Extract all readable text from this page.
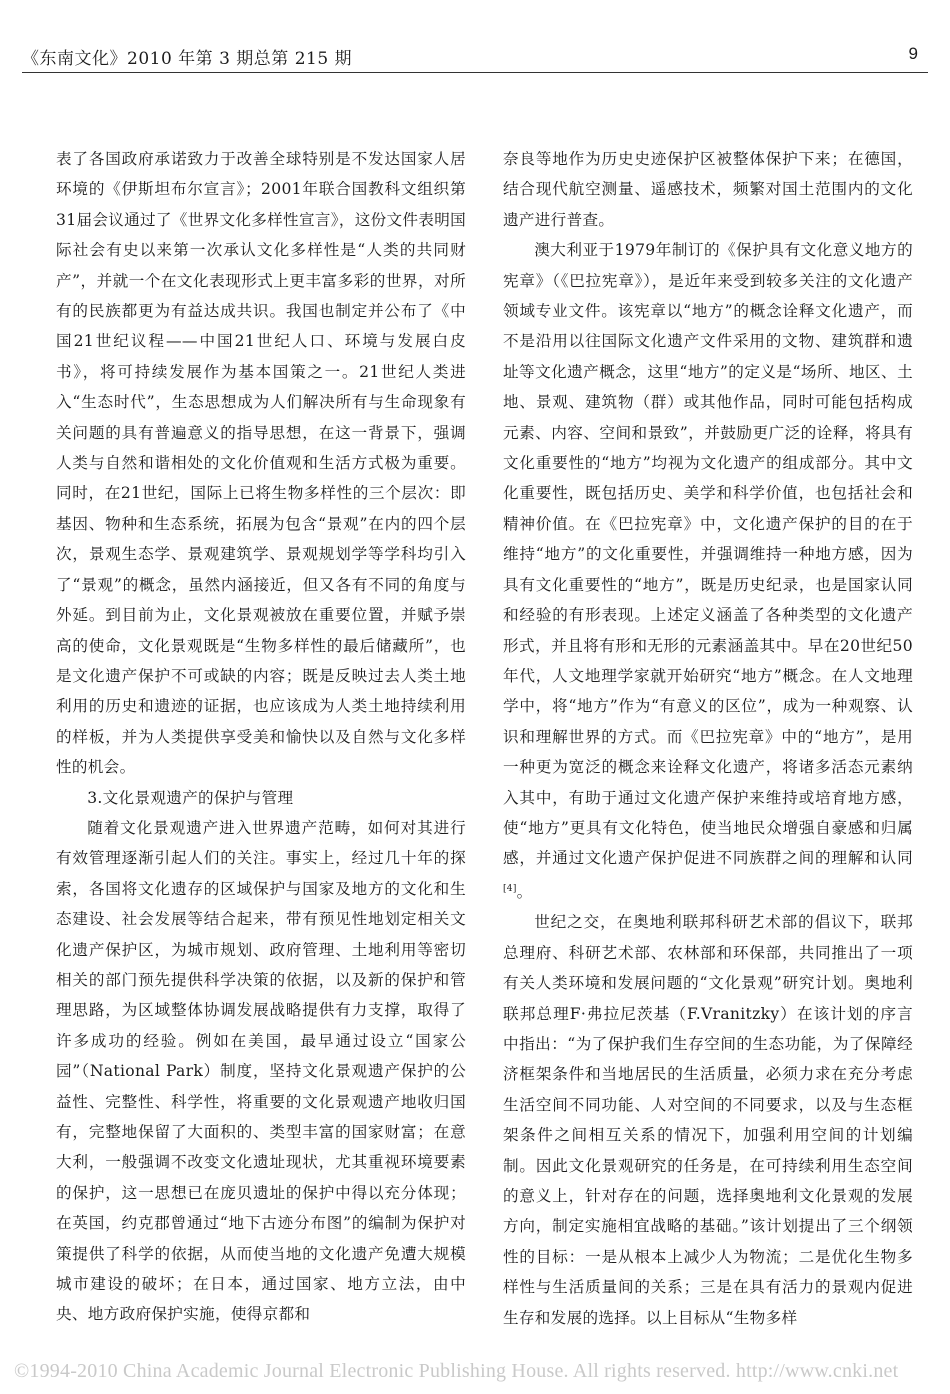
《东南文化》2010 年第 3 期总第 215 期	9

表了各国政府承诺致力于改善全球特别是不发达国家人居环境的《伊斯坦布尔宣言》；2001年联合国教科文组织第31届会议通过了《世界文化多样性宣言》，这份文件表明国际社会有史以来第一次承认文化多样性是“人类的共同财产”，并就一个在文化表现形式上更丰富多彩的世界，对所有的民族都更为有益达成共识。我国也制定并公布了《中国21世纪议程——中国21世纪人口、环境与发展白皮书》，将可持续发展作为基本国策之一。21世纪人类进入“生态时代”，生态思想成为人们解决所有与生命现象有关问题的具有普遍意义的指导思想，在这一背景下，强调人类与自然和谐相处的文化价值观和生活方式极为重要。同时，在21世纪，国际上已将生物多样性的三个层次：即基因、物种和生态系统，拓展为包含“景观”在内的四个层次，景观生态学、景观建筑学、景观规划学等学科均引入了“景观”的概念，虽然内涵接近，但又各有不同的角度与外延。到目前为止，文化景观被放在重要位置，并赋予崇高的使命，文化景观既是“生物多样性的最后储藏所”，也是文化遗产保护不可或缺的内容；既是反映过去人类土地利用的历史和遗迹的证据，也应该成为人类土地持续利用的样板，并为人类提供享受美和愉快以及自然与文化多样性的机会。

3.文化景观遗产的保护与管理

随着文化景观遗产进入世界遗产范畴，如何对其进行有效管理逐渐引起人们的关注。事实上，经过几十年的探索，各国将文化遗存的区域保护与国家及地方的文化和生态建设、社会发展等结合起来，带有预见性地划定相关文化遗产保护区，为城市规划、政府管理、土地利用等密切相关的部门预先提供科学决策的依据，以及新的保护和管理思路，为区域整体协调发展战略提供有力支撑，取得了许多成功的经验。例如在美国，最早通过设立“国家公园”（National Park）制度，坚持文化景观遗产保护的公益性、完整性、科学性，将重要的文化景观遗产地收归国有，完整地保留了大面积的、类型丰富的国家财富；在意大利，一般强调不改变文化遗址现状，尤其重视环境要素的保护，这一思想已在庞贝遗址的保护中得以充分体现；在英国，约克郡曾通过“地下古迹分布图”的编制为保护对策提供了科学的依据，从而使当地的文化遗产免遭大规模城市建设的破坏；在日本，通过国家、地方立法，由中央、地方政府保护实施，使得京都和

奈良等地作为历史史迹保护区被整体保护下来；在德国，结合现代航空测量、遥感技术，频繁对国土范围内的文化遗产进行普查。

澳大利亚于1979年制订的《保护具有文化意义地方的宪章》（《巴拉宪章》），是近年来受到较多关注的文化遗产领域专业文件。该宪章以“地方”的概念诠释文化遗产，而不是沿用以往国际文化遗产文件采用的文物、建筑群和遗址等文化遗产概念，这里“地方”的定义是“场所、地区、土地、景观、建筑物（群）或其他作品，同时可能包括构成元素、内容、空间和景致”，并鼓励更广泛的诠释，将具有文化重要性的“地方”均视为文化遗产的组成部分。其中文化重要性，既包括历史、美学和科学价值，也包括社会和精神价值。在《巴拉宪章》中，文化遗产保护的目的在于维持“地方”的文化重要性，并强调维持一种地方感，因为具有文化重要性的“地方”，既是历史纪录，也是国家认同和经验的有形表现。上述定义涵盖了各种类型的文化遗产形式，并且将有形和无形的元素涵盖其中。早在20世纪50年代，人文地理学家就开始研究“地方”概念。在人文地理学中，将“地方”作为“有意义的区位”，成为一种观察、认识和理解世界的方式。而《巴拉宪章》中的“地方”，是用一种更为宽泛的概念来诠释文化遗产，将诸多活态元素纳入其中，有助于通过文化遗产保护来维持或培育地方感，使“地方”更具有文化特色，使当地民众增强自豪感和归属感，并通过文化遗产保护促进不同族群之间的理解和认同[4]。

世纪之交，在奥地利联邦科研艺术部的倡议下，联邦总理府、科研艺术部、农林部和环保部，共同推出了一项有关人类环境和发展问题的“文化景观”研究计划。奥地利联邦总理F·弗拉尼茨基（F.Vranitzky）在该计划的序言中指出：“为了保护我们生存空间的生态功能，为了保障经济框架条件和当地居民的生活质量，必须力求在充分考虑生活空间不同功能、人对空间的不同要求，以及与生态框架条件之间相互关系的情况下，加强利用空间的计划编制。因此文化景观研究的任务是，在可持续利用生态空间的意义上，针对存在的问题，选择奥地利文化景观的发展方向，制定实施相宜战略的基础。”该计划提出了三个纲领性的目标：一是从根本上减少人为物流；二是优化生物多样性与生活质量间的关系；三是在具有活力的景观内促进生存和发展的选择。以上目标从“生物多样

©1994-2010 China Academic Journal Electronic Publishing House. All rights reserved. http://www.cnki.net
